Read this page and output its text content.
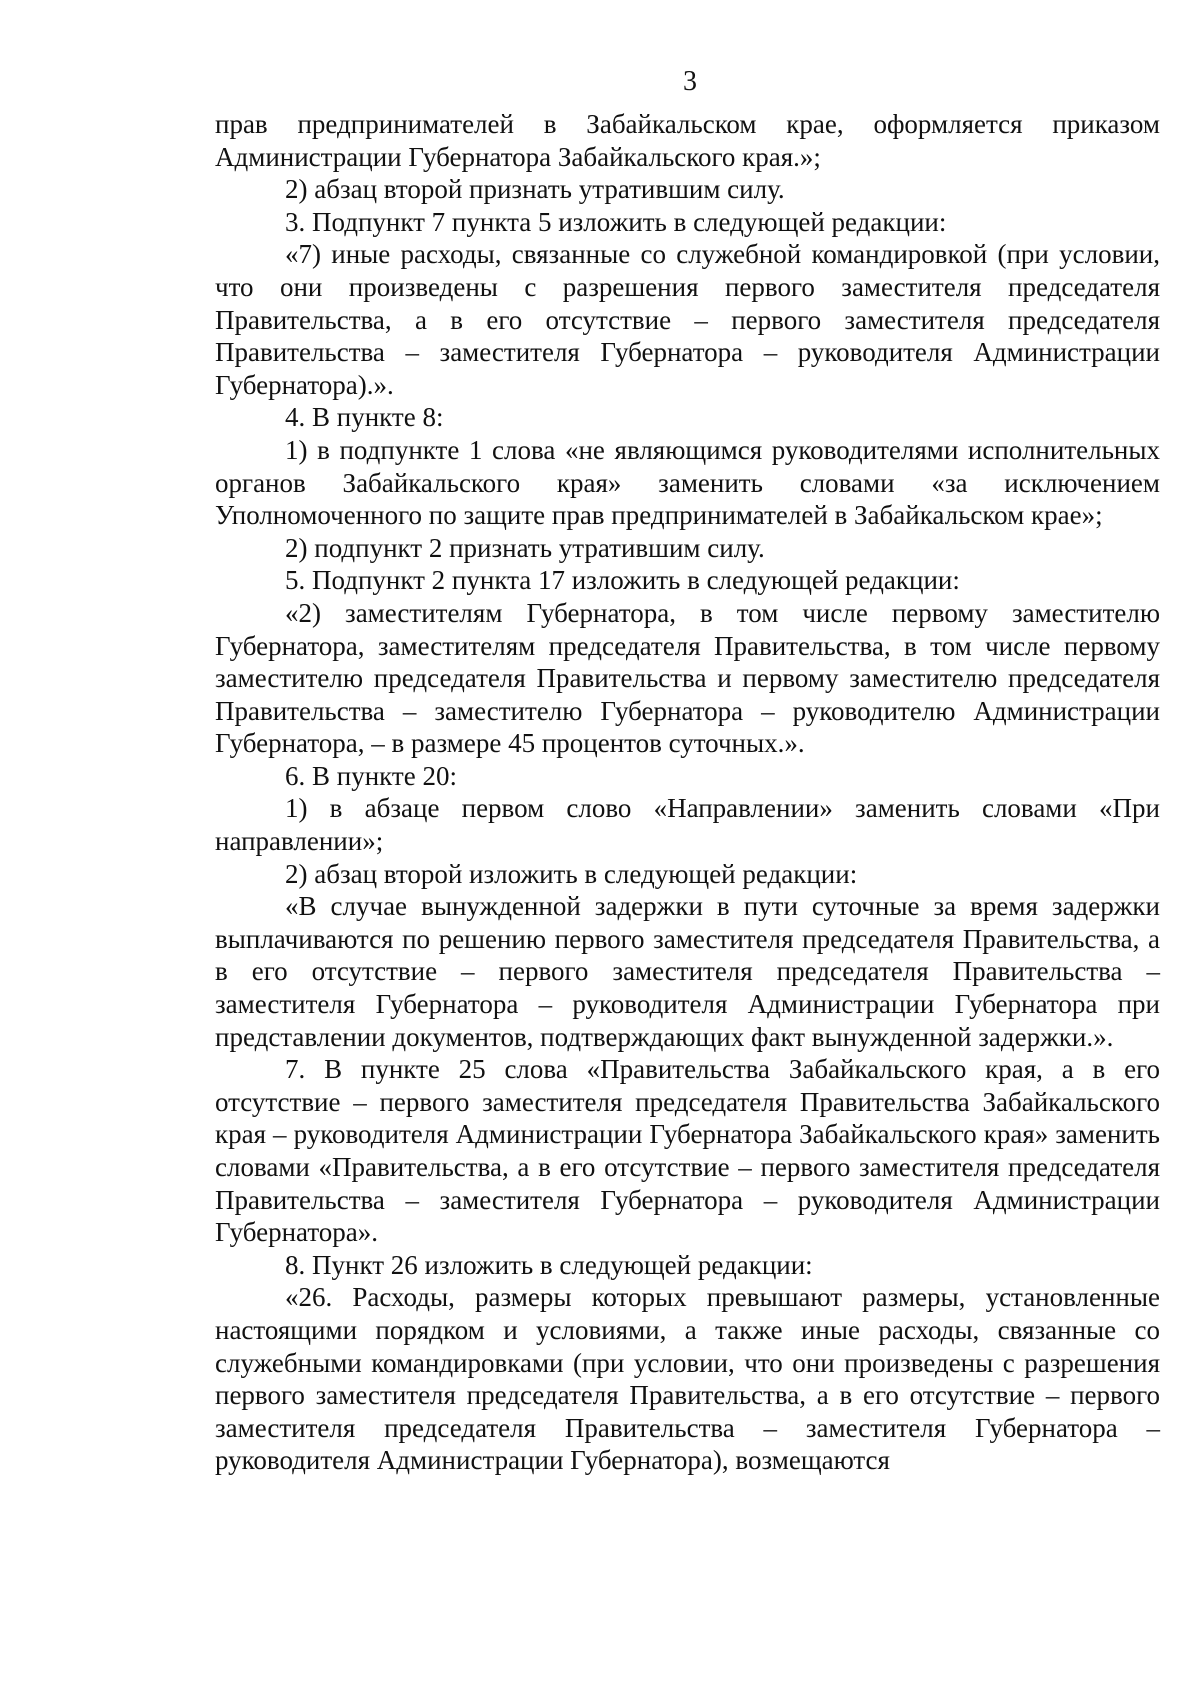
3

прав предпринимателей в Забайкальском крае, оформляется приказом Администрации Губернатора Забайкальского края.»;

2) абзац второй признать утратившим силу.

3. Подпункт 7 пункта 5 изложить в следующей редакции:

«7) иные расходы, связанные со служебной командировкой (при условии, что они произведены с разрешения первого заместителя председателя Правительства, а в его отсутствие – первого заместителя председателя Правительства – заместителя Губернатора – руководителя Администрации Губернатора).».

4. В пункте 8:

1) в подпункте 1 слова «не являющимся руководителями исполнительных органов Забайкальского края» заменить словами «за исключением Уполномоченного по защите прав предпринимателей в Забайкальском крае»;

2) подпункт 2 признать утратившим силу.

5. Подпункт 2 пункта 17 изложить в следующей редакции:

«2) заместителям Губернатора, в том числе первому заместителю Губернатора, заместителям председателя Правительства, в том числе первому заместителю председателя Правительства и первому заместителю председателя Правительства – заместителю Губернатора – руководителю Администрации Губернатора, – в размере 45 процентов суточных.».

6. В пункте 20:

1) в абзаце первом слово «Направлении» заменить словами «При направлении»;

2) абзац второй изложить в следующей редакции:

«В случае вынужденной задержки в пути суточные за время задержки выплачиваются по решению первого заместителя председателя Правительства, а в его отсутствие – первого заместителя председателя Правительства – заместителя Губернатора – руководителя Администрации Губернатора при представлении документов, подтверждающих факт вынужденной задержки.».

7. В пункте 25 слова «Правительства Забайкальского края, а в его отсутствие – первого заместителя председателя Правительства Забайкальского края – руководителя Администрации Губернатора Забайкальского края» заменить словами «Правительства, а в его отсутствие – первого заместителя председателя Правительства – заместителя Губернатора – руководителя Администрации Губернатора».

8. Пункт 26 изложить в следующей редакции:

«26. Расходы, размеры которых превышают размеры, установленные настоящими порядком и условиями, а также иные расходы, связанные со служебными командировками (при условии, что они произведены с разрешения первого заместителя председателя Правительства, а в его отсутствие – первого заместителя председателя Правительства – заместителя Губернатора – руководителя Администрации Губернатора), возмещаются
